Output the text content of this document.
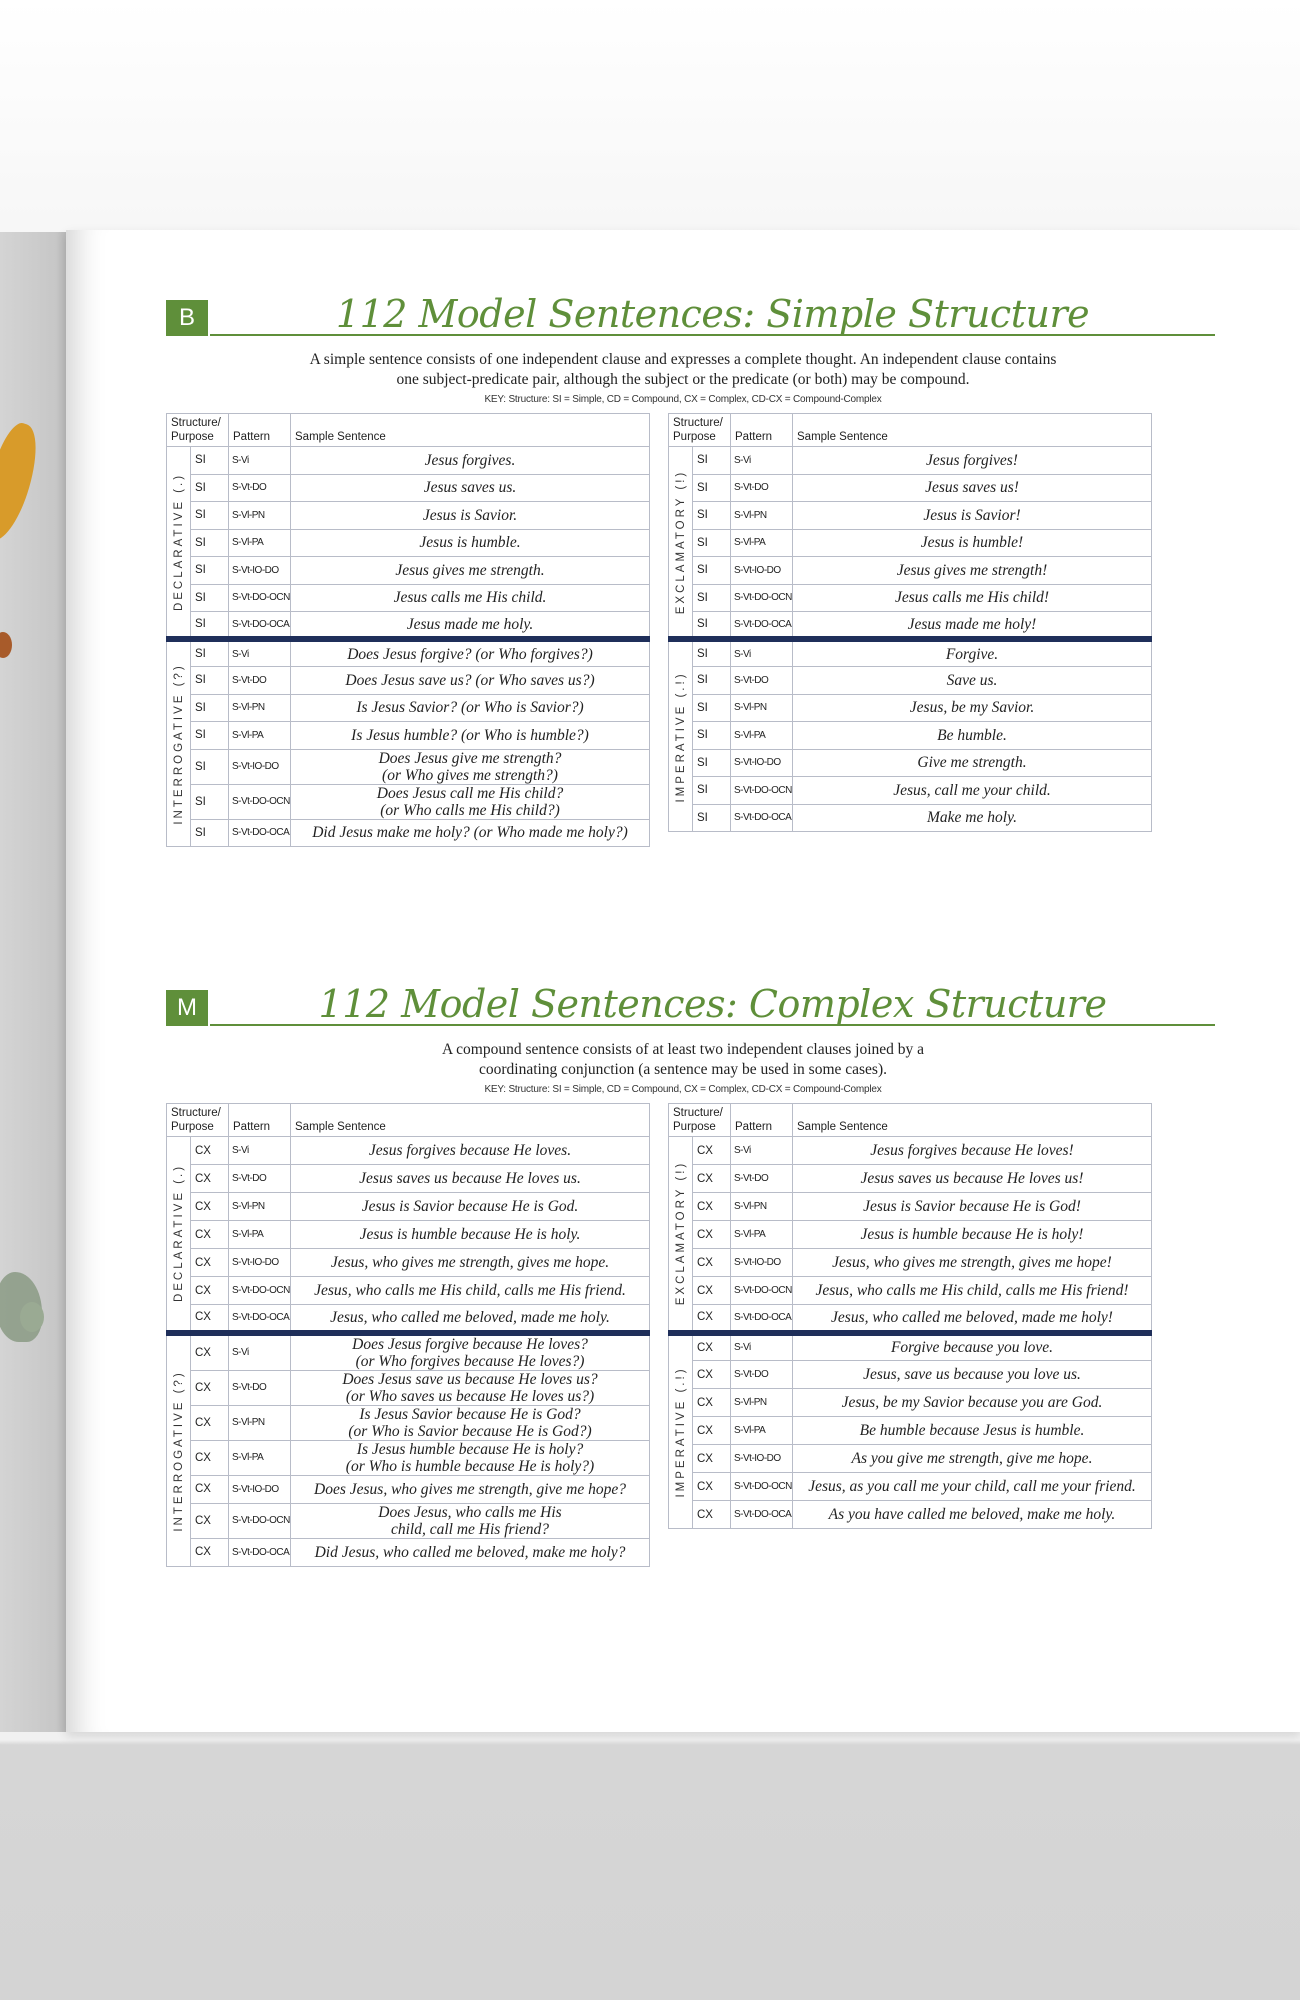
B	112 Model Sentences: Simple Structure
A simple sentence consists of one independent clause and expresses a complete thought. An independent clause contains
one subject-predicate pair, although the subject or the predicate (or both) may be compound.
KEY: Structure: SI = Simple, CD = Compound, CX = Complex, CD-CX = Compound-Complex
Structure/
Purpose		Pattern	Sample Sentence

DECLARATIVE (.)	SI	S-Vi	Jesus forgives.

	SI	S-Vt-DO	Jesus saves us.

	SI	S-Vl-PN	Jesus is Savior.

	SI	S-Vl-PA	Jesus is humble.

	SI	S-Vt-IO-DO	Jesus gives me strength.

	SI	S-Vt-DO-OCN	Jesus calls me His child.

	SI	S-Vt-DO-OCA	Jesus made me holy.

INTERROGATIVE (?)	SI	S-Vi	Does Jesus forgive? (or Who forgives?)

	SI	S-Vt-DO	Does Jesus save us? (or Who saves us?)

	SI	S-Vl-PN	Is Jesus Savior? (or Who is Savior?)

	SI	S-Vl-PA	Is Jesus humble? (or Who is humble?)

	SI	S-Vt-IO-DO	Does Jesus give me strength?
(or Who gives me strength?)

	SI	S-Vt-DO-OCN	Does Jesus call me His child?
(or Who calls me His child?)

	SI	S-Vt-DO-OCA	Did Jesus make me holy? (or Who made me holy?)
Structure/
Purpose		Pattern	Sample Sentence

EXCLAMATORY (!)	SI	S-Vi	Jesus forgives!

	SI	S-Vt-DO	Jesus saves us!

	SI	S-Vl-PN	Jesus is Savior!

	SI	S-Vl-PA	Jesus is humble!

	SI	S-Vt-IO-DO	Jesus gives me strength!

	SI	S-Vt-DO-OCN	Jesus calls me His child!

	SI	S-Vt-DO-OCA	Jesus made me holy!

IMPERATIVE (.!)	SI	S-Vi	Forgive.

	SI	S-Vt-DO	Save us.

	SI	S-Vl-PN	Jesus, be my Savior.

	SI	S-Vl-PA	Be humble.

	SI	S-Vt-IO-DO	Give me strength.

	SI	S-Vt-DO-OCN	Jesus, call me your child.

	SI	S-Vt-DO-OCA	Make me holy.
M	112 Model Sentences: Complex Structure
A compound sentence consists of at least two independent clauses joined by a
coordinating conjunction (a sentence may be used in some cases).
KEY: Structure: SI = Simple, CD = Compound, CX = Complex, CD-CX = Compound-Complex
Structure/
Purpose		Pattern	Sample Sentence

DECLARATIVE (.)	CX	S-Vi	Jesus forgives because He loves.

	CX	S-Vt-DO	Jesus saves us because He loves us.

	CX	S-Vl-PN	Jesus is Savior because He is God.

	CX	S-Vl-PA	Jesus is humble because He is holy.

	CX	S-Vt-IO-DO	Jesus, who gives me strength, gives me hope.

	CX	S-Vt-DO-OCN	Jesus, who calls me His child, calls me His friend.

	CX	S-Vt-DO-OCA	Jesus, who called me beloved, made me holy.

INTERROGATIVE (?)	CX	S-Vi	Does Jesus forgive because He loves?
(or Who forgives because He loves?)

	CX	S-Vt-DO	Does Jesus save us because He loves us?
(or Who saves us because He loves us?)

	CX	S-Vl-PN	Is Jesus Savior because He is God?
(or Who is Savior because He is God?)

	CX	S-Vl-PA	Is Jesus humble because He is holy?
(or Who is humble because He is holy?)

	CX	S-Vt-IO-DO	Does Jesus, who gives me strength, give me hope?

	CX	S-Vt-DO-OCN	Does Jesus, who calls me His
child, call me His friend?

	CX	S-Vt-DO-OCA	Did Jesus, who called me beloved, make me holy?
Structure/
Purpose		Pattern	Sample Sentence

EXCLAMATORY (!)	CX	S-Vi	Jesus forgives because He loves!

	CX	S-Vt-DO	Jesus saves us because He loves us!

	CX	S-Vl-PN	Jesus is Savior because He is God!

	CX	S-Vl-PA	Jesus is humble because He is holy!

	CX	S-Vt-IO-DO	Jesus, who gives me strength, gives me hope!

	CX	S-Vt-DO-OCN	Jesus, who calls me His child, calls me His friend!

	CX	S-Vt-DO-OCA	Jesus, who called me beloved, made me holy!

IMPERATIVE (.!)	CX	S-Vi	Forgive because you love.

	CX	S-Vt-DO	Jesus, save us because you love us.

	CX	S-Vl-PN	Jesus, be my Savior because you are God.

	CX	S-Vl-PA	Be humble because Jesus is humble.

	CX	S-Vt-IO-DO	As you give me strength, give me hope.

	CX	S-Vt-DO-OCN	Jesus, as you call me your child, call me your friend.

	CX	S-Vt-DO-OCA	As you have called me beloved, make me holy.
